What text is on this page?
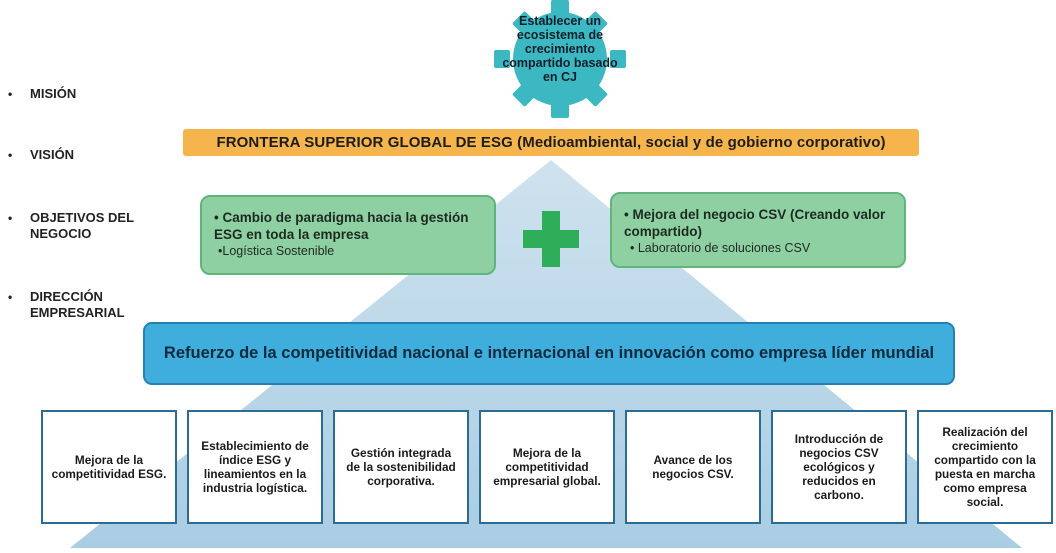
• MISIÓN
• VISIÓN
• OBJETIVOS DEL NEGOCIO
• DIRECCIÓN EMPRESARIAL
Establecer un ecosistema de crecimiento compartido basado en CJ
FRONTERA SUPERIOR GLOBAL DE ESG (Medioambiental, social y de gobierno corporativo)
• Cambio de paradigma hacia la gestión ESG en toda la empresa
•Logística Sostenible
• Mejora del negocio CSV (Creando valor compartido)
• Laboratorio de soluciones CSV
Refuerzo de la competitividad nacional e internacional en innovación como empresa líder mundial
Mejora de la competitividad ESG.
Establecimiento de índice ESG y lineamientos en la industria logística.
Gestión integrada de la sostenibilidad corporativa.
Mejora de la competitividad empresarial global.
Avance de los negocios CSV.
Introducción de negocios CSV ecológicos y reducidos en carbono.
Realización del crecimiento compartido con la puesta en marcha como empresa social.
